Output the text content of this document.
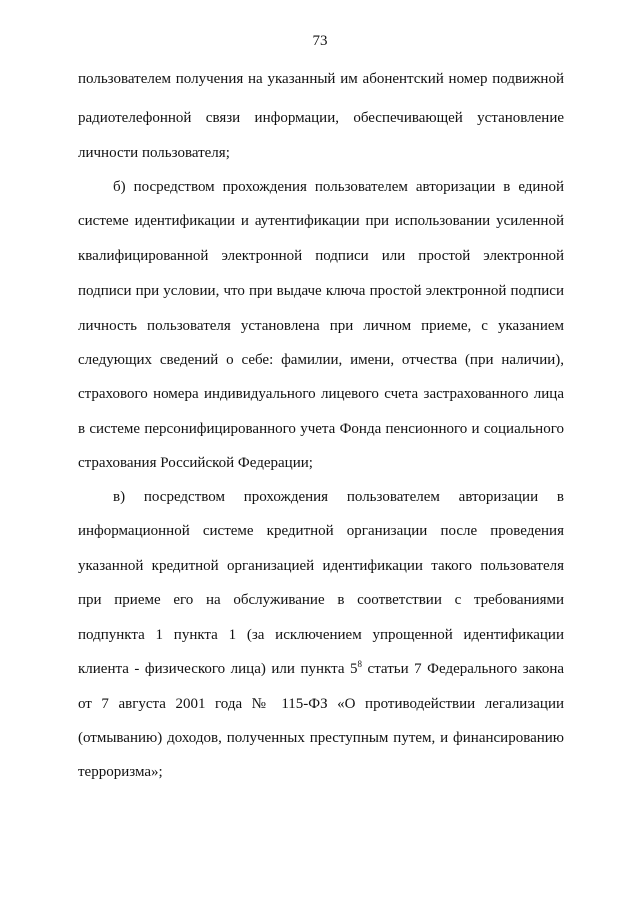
73
пользователем получения на указанный им абонентский номер подвижной
радиотелефонной связи информации, обеспечивающей установление
личности пользователя;
б) посредством прохождения пользователем авторизации в единой
системе идентификации и аутентификации при использовании усиленной
квалифицированной электронной подписи или простой электронной
подписи при условии, что при выдаче ключа простой электронной подписи
личность пользователя установлена при личном приеме, с указанием
следующих сведений о себе: фамилии, имени, отчества (при наличии),
страхового номера индивидуального лицевого счета застрахованного лица
в системе персонифицированного учета Фонда пенсионного и социального
страхования Российской Федерации;
в) посредством прохождения пользователем авторизации в
информационной системе кредитной организации после проведения
указанной кредитной организацией идентификации такого пользователя
при приеме его на обслуживание в соответствии с требованиями
подпункта 1 пункта 1 (за исключением упрощенной идентификации
клиента - физического лица) или пункта $5^8$ статьи 7 Федерального закона
от 7 августа 2001 года № 115-ФЗ «О противодействии легализации
(отмыванию) доходов, полученных преступным путем, и финансированию
терроризма»;
